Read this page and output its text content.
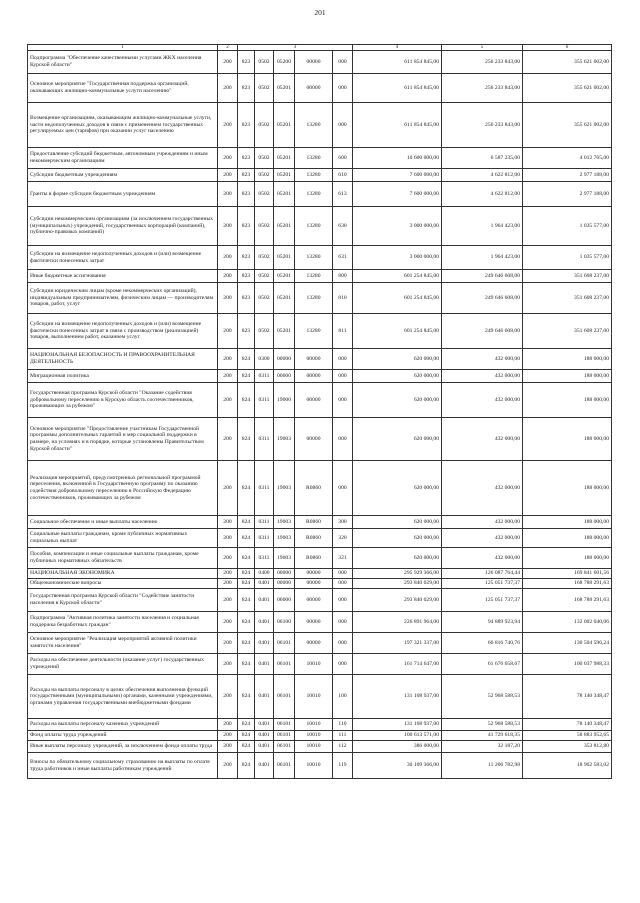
201
1	2	3					4	5	6
Подпрограмма "Обеспечение качественными услугами ЖКХ населения Курской области"	200	823	0502	05200	00000	000	611 854 845,00	256 233 843,00	355 621 002,00
Основное мероприятие "Государственная поддержка организаций, оказывающих жилищно-коммунальные услуги населению"	200	823	0502	05201	00000	000	611 854 845,00	256 233 843,00	355 621 002,00
Возмещение организациям, оказывающим жилищно-коммунальные услуги, части недополученных доходов в связи с применением государственных регулируемых цен (тарифов) при оказании услуг населению	200	823	0502	05201	13280	000	611 854 845,00	256 233 843,00	355 621 002,00
Предоставление субсидий бюджетным, автономным учреждениям и иным некоммерческим организациям	200	823	0502	05201	13280	600	10 600 000,00	6 587 235,00	4 012 765,00
Субсидии бюджетным учреждениям	200	823	0502	05201	13280	610	7 600 000,00	4 622 812,00	2 977 188,00
Гранты в форме субсидии бюджетным учреждениям	200	823	0502	05201	13280	613	7 600 000,00	4 622 812,00	2 977 188,00
Субсидии некоммерческим организациям (за исключением государственных (муниципальных) учреждений, государственных корпораций (компаний), публично-правовых компаний)	200	823	0502	05201	13280	630	3 000 000,00	1 964 423,00	1 035 577,00
Субсидии на возмещение недополученных доходов и (или) возмещение фактически понесенных затрат	200	823	0502	05201	13280	631	3 000 000,00	1 964 423,00	1 035 577,00
Иные бюджетные ассигнования	200	823	0502	05201	13280	800	601 254 845,00	249 646 608,00	351 608 237,00
Субсидии юридическим лицам (кроме некоммерческих организаций), индивидуальным предпринимателям, физическим лицам — производителям товаров, работ, услуг	200	823	0502	05201	13280	810	601 254 845,00	249 646 608,00	351 608 237,00
Субсидии на возмещение недополученных доходов и (или) возмещение фактически понесенных затрат в связи с производством (реализацией) товаров, выполнением работ, оказанием услуг	200	823	0502	05201	13280	811	601 254 845,00	249 646 608,00	351 608 237,00
НАЦИОНАЛЬНАЯ БЕЗОПАСНОСТЬ И ПРАВООХРАНИТЕЛЬНАЯ ДЕЯТЕЛЬНОСТЬ	200	824	0300	00000	00000	000	620 000,00	432 000,00	188 000,00
Миграционная политика	200	824	0311	00000	00000	000	620 000,00	432 000,00	188 000,00
Государственная программа Курской области "Оказание содействия добровольному переселению в Курскую область соотечественников, проживающих за рубежом"	200	824	0311	19000	00000	000	620 000,00	432 000,00	188 000,00
Основное мероприятие "Предоставление участникам Государственной программы дополнительных гарантий и мер социальной поддержки в размере, на условиях и в порядке, которые установлены Правительством Курской области"	200	824	0311	19003	00000	000	620 000,00	432 000,00	188 000,00
Реализация мероприятий, предусмотренных региональной программой переселения, включенной в Государственную программу по оказанию содействия добровольному переселению в Российскую Федерацию соотечественников, проживающих за рубежом	200	824	0311	19003	R0860	000	620 000,00	432 000,00	188 000,00
Социальное обеспечение и иные выплаты населению	200	824	0311	19003	R0860	300	620 000,00	432 000,00	188 000,00
Социальные выплаты гражданам, кроме публичных нормативных социальных выплат	200	824	0311	19003	R0860	320	620 000,00	432 000,00	188 000,00
Пособия, компенсации и иные социальные выплаты гражданам, кроме публичных нормативных обязательств	200	824	0311	19003	R0860	321	620 000,00	432 000,00	188 000,00
НАЦИОНАЛЬНАЯ ЭКОНОМИКА	200	824	0400	00000	00000	000	295 929 366,00	126 087 764,44	169 841 601,56
Общеэкономические вопросы	200	824	0401	00000	00000	000	293 840 029,00	125 051 737,37	168 788 291,63
Государственная программа Курской области "Содействие занятости населения в Курской области"	200	824	0401	06000	00000	000	293 840 029,00	125 051 737,37	168 788 291,63
Подпрограмма "Активная политика занятости населения и социальная поддержка безработных граждан"	200	824	0401	06100	00000	000	226 891 964,00	94 889 923,94	132 002 040,06
Основное мероприятие "Реализация мероприятий активной политики занятости населения"	200	824	0401	06101	00000	000	197 321 337,00	66 816 740,76	130 504 596,24
Расходы на обеспечение деятельности (оказание услуг) государственных учреждений	200	824	0401	06101	10010	000	161 714 647,00	61 676 658,67	100 037 988,33
Расходы на выплаты персоналу в целях обеспечения выполнения функций государственными (муниципальными) органами, казенными учреждениями, органами управления государственными внебюджетными фондами	200	824	0401	06101	10010	100	131 108 937,00	52 968 588,53	78 140 348,47
Расходы на выплаты персоналу казенных учреждений	200	824	0401	06101	10010	110	131 108 937,00	52 968 588,53	78 140 348,47
Фонд оплаты труда учреждений	200	824	0401	06101	10010	111	100 613 571,00	41 729 618,35	58 883 952,65
Иные выплаты персоналу учреждений, за исключением фонда оплаты труда	200	824	0401	06101	10010	112	386 000,00	32 187,20	353 812,80
Взносы по обязательному социальному страхованию на выплаты по оплате труда работников и иные выплаты работникам учреждений	200	824	0401	06101	10010	119	30 109 366,00	11 206 782,98	18 902 583,02
